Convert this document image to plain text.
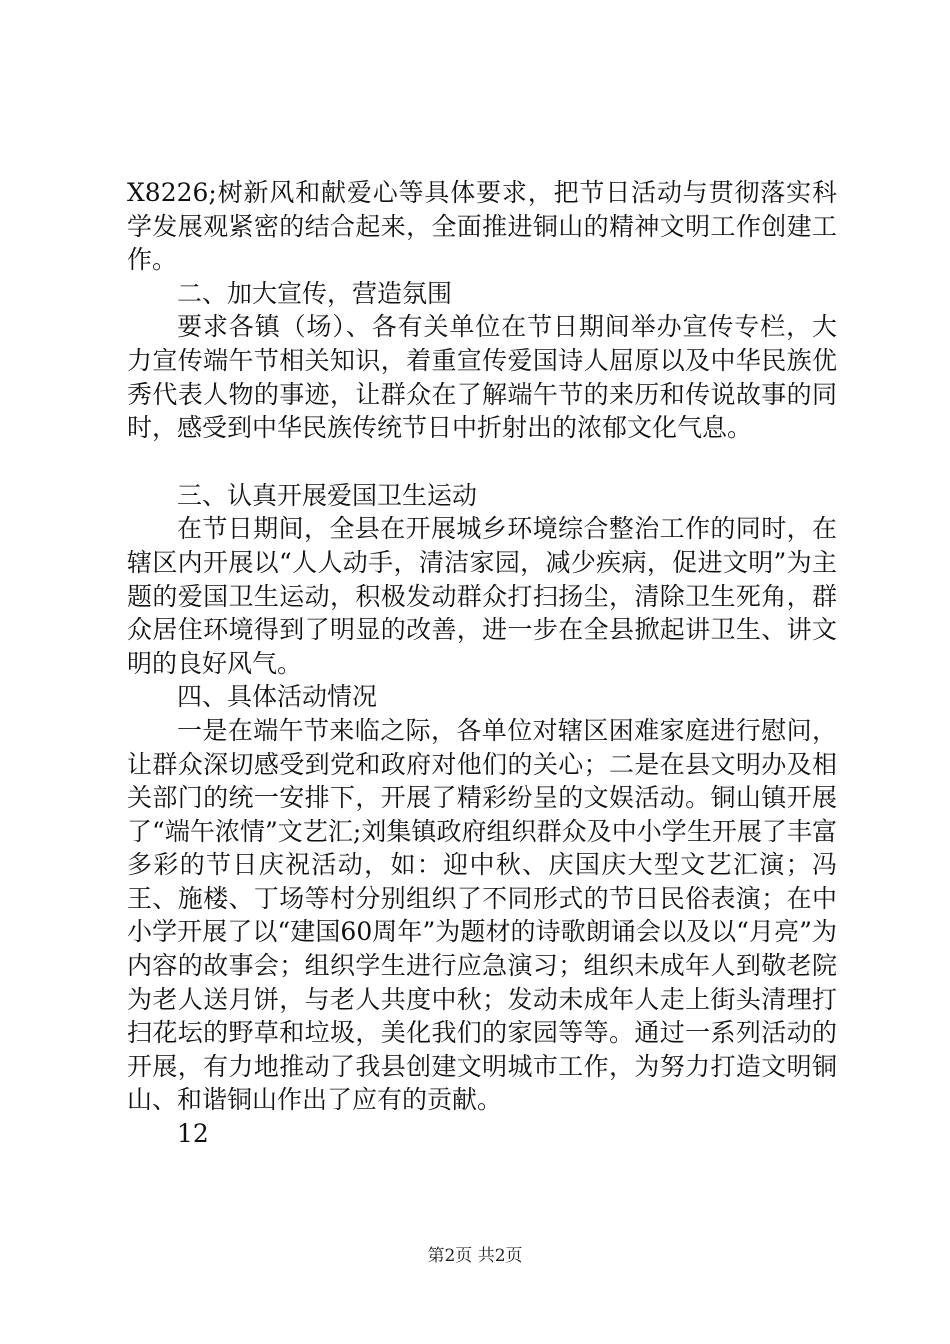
X8226;树新风和献爱心等具体要求，把节日活动与贯彻落实科学发展观紧密的结合起来，全面推进铜山的精神文明工作创建工作。

二、加大宣传，营造氛围

要求各镇（场）、各有关单位在节日期间举办宣传专栏，大力宣传端午节相关知识，着重宣传爱国诗人屈原以及中华民族优秀代表人物的事迹，让群众在了解端午节的来历和传说故事的同时，感受到中华民族传统节日中折射出的浓郁文化气息。

三、认真开展爱国卫生运动

在节日期间，全县在开展城乡环境综合整治工作的同时，在辖区内开展以“人人动手，清洁家园，减少疾病，促进文明”为主题的爱国卫生运动，积极发动群众打扫扬尘，清除卫生死角，群众居住环境得到了明显的改善，进一步在全县掀起讲卫生、讲文明的良好风气。

四、具体活动情况

一是在端午节来临之际，各单位对辖区困难家庭进行慰问，让群众深切感受到党和政府对他们的关心；二是在县文明办及相关部门的统一安排下，开展了精彩纷呈的文娱活动。铜山镇开展了“端午浓情”文艺汇;刘集镇政府组织群众及中小学生开展了丰富多彩的节日庆祝活动，如：迎中秋、庆国庆大型文艺汇演；冯王、施楼、丁场等村分别组织了不同形式的节日民俗表演；在中小学开展了以“建国60周年”为题材的诗歌朗诵会以及以“月亮”为内容的故事会；组织学生进行应急演习；组织未成年人到敬老院为老人送月饼，与老人共度中秋；发动未成年人走上街头清理打扫花坛的野草和垃圾，美化我们的家园等等。通过一系列活动的开展，有力地推动了我县创建文明城市工作，为努力打造文明铜山、和谐铜山作出了应有的贡献。

12

第2页 共2页
